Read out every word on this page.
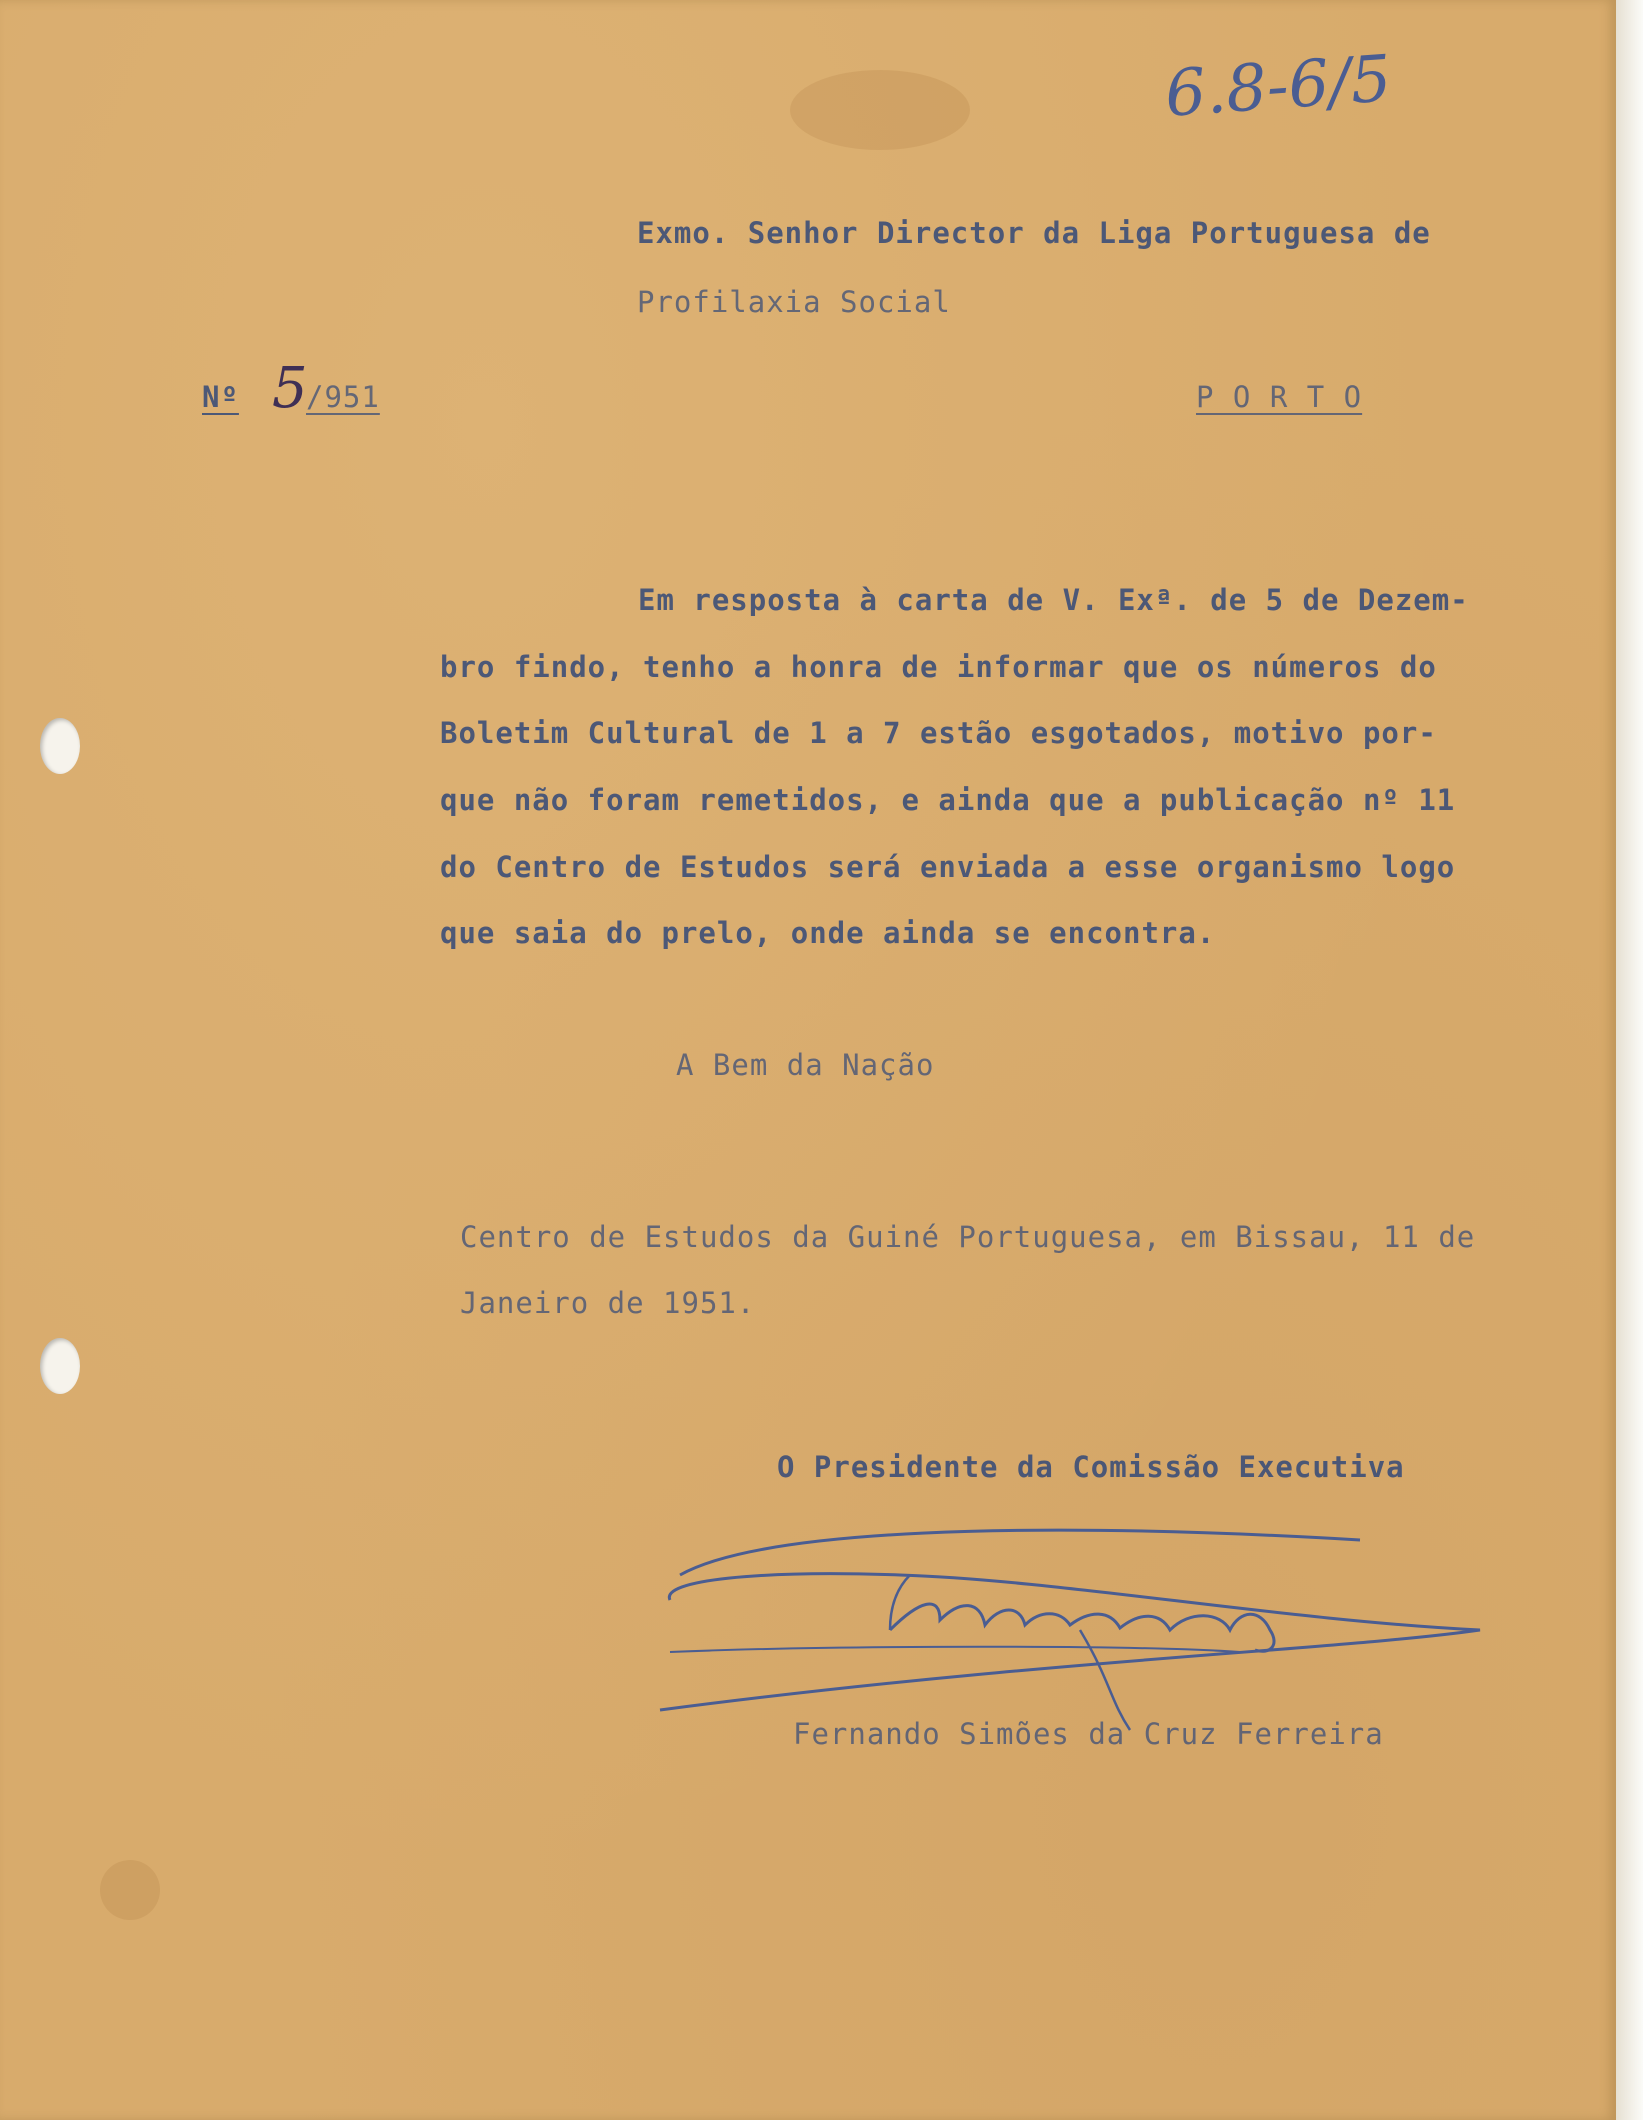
6.8-6/5
Exmo. Senhor Director da Liga Portuguesa de
Profilaxia Social
Nº 5
/951	P O R T O
Em resposta à carta de V. Exª. de 5 de Dezem-
bro findo, tenho a honra de informar que os números do
Boletim Cultural de 1 a 7 estão esgotados, motivo por-
que não foram remetidos, e ainda que a publicação nº 11
do Centro de Estudos será enviada a esse organismo logo
que saia do prelo, onde ainda se encontra.
A Bem da Nação
Centro de Estudos da Guiné Portuguesa, em Bissau, 11 de
Janeiro de 1951.
O Presidente da Comissão Executiva
Fernando Simões da Cruz Ferreira
